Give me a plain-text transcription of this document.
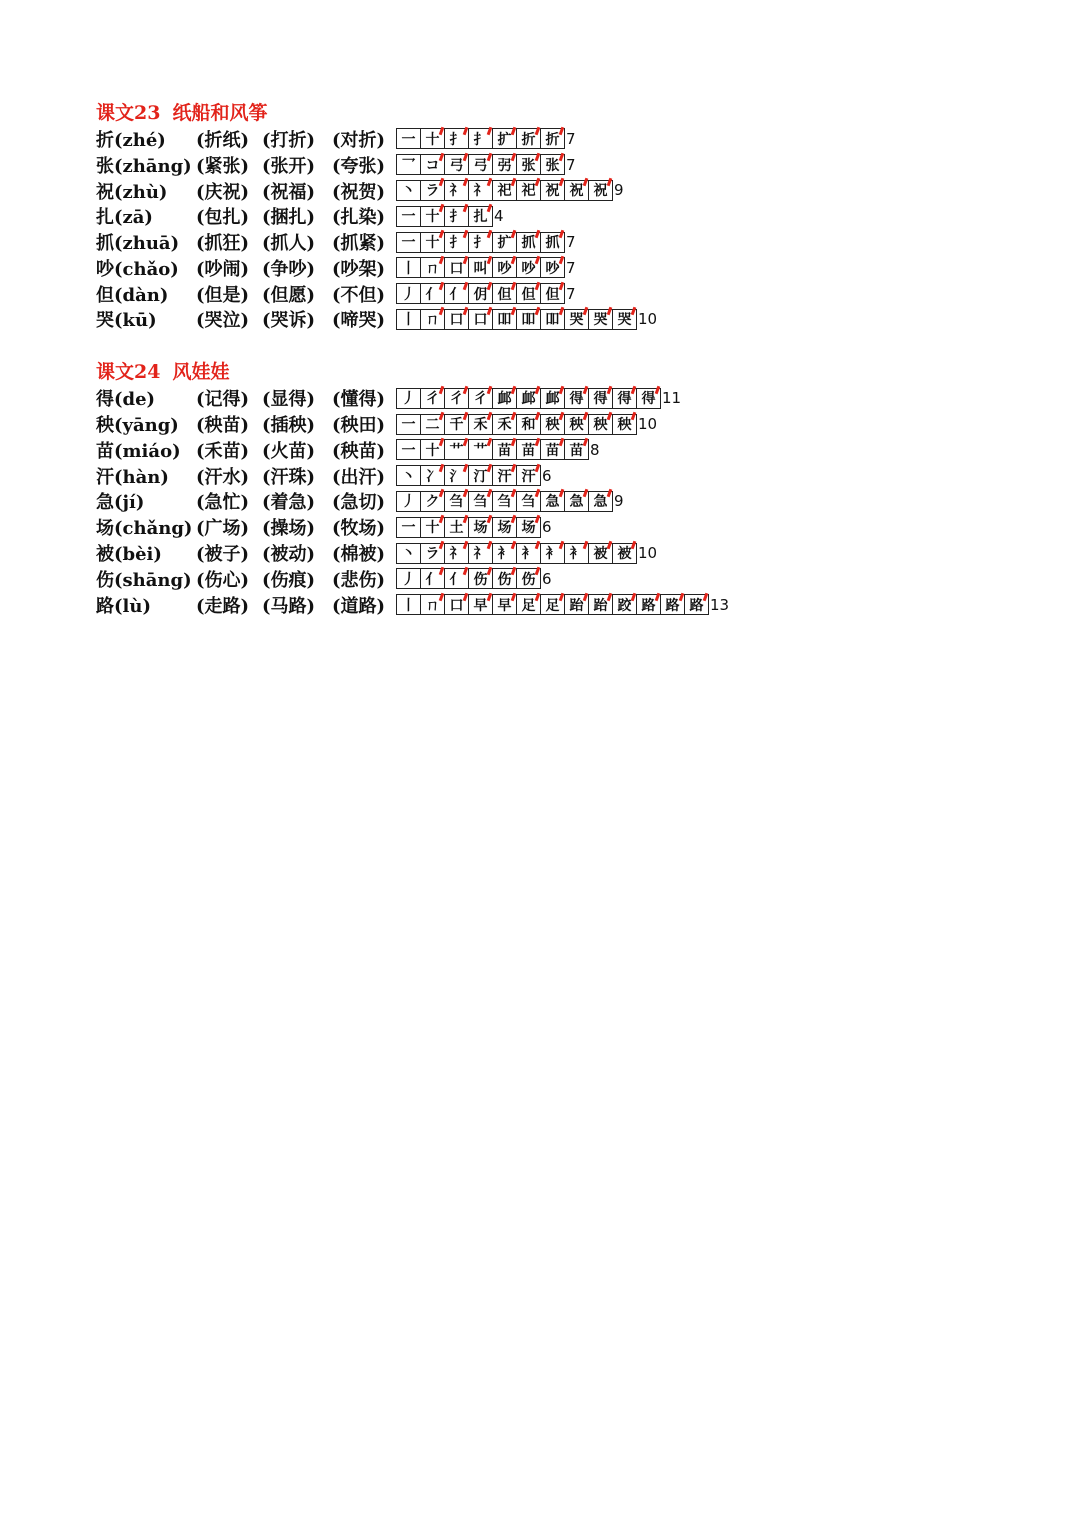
课文23 纸船和风筝
折(zhé)	(折纸) (打折) (对折)	一 十 扌 扌 扩 折 折 7
张(zhāng) (紧张) (张开) (夸张)	乛 コ 弓 弓 弜 张 张 7
祝(zhù)	(庆祝) (祝福) (祝贺)	丶 ラ 礻 礻 祀 祀 祝 祝 祝 9
扎(zā)	(包扎) (捆扎) (扎染)	一 十 扌 扎 4
抓(zhuā) (抓狂) (抓人) (抓紧)	一 十 扌 扌 扩 抓 抓 7
吵(chǎo) (吵闹) (争吵) (吵架)	丨 ㄇ 口 叫 吵 吵 吵 7
但(dàn)	(但是) (但愿) (不但)	丿 亻 亻 仴 但 但 但 7
哭(kū)	(哭泣) (哭诉) (啼哭)	丨 ㄇ 口 口 吅 吅 吅 哭 哭 哭 10
课文24 风娃娃
得(de)	(记得) (显得) (懂得)	丿 彳 彳 彳 䘏 䘏 䘏 得 得 得 得 11
秧(yāng) (秧苗) (插秧) (秧田)	一 二 千 禾 禾 和 秧 秧 秧 秧 10
苗(miáo) (禾苗) (火苗) (秧苗)	一 十 艹 艹 苗 苗 苗 苗 8
汗(hàn)	(汗水) (汗珠) (出汗)	丶 冫 氵 汀 汗 汗 6
急(jí)	(急忙) (着急) (急切)	丿 ク 刍 刍 刍 刍 急 急 急 9
场(chǎng) (广场) (操场) (牧场)	一 十 土 场 场 场 6
被(bèi)	(被子) (被动) (棉被)	丶 ラ 礻 礻 衤 衤 衤 衤 被 被 10
伤(shāng) (伤心) (伤痕) (悲伤)	丿 亻 亻 伤 伤 伤 6
路(lù)	(走路) (马路) (道路)	丨 ㄇ 口 早 早 足 足 跆 跆 跤 路 路 路 13
